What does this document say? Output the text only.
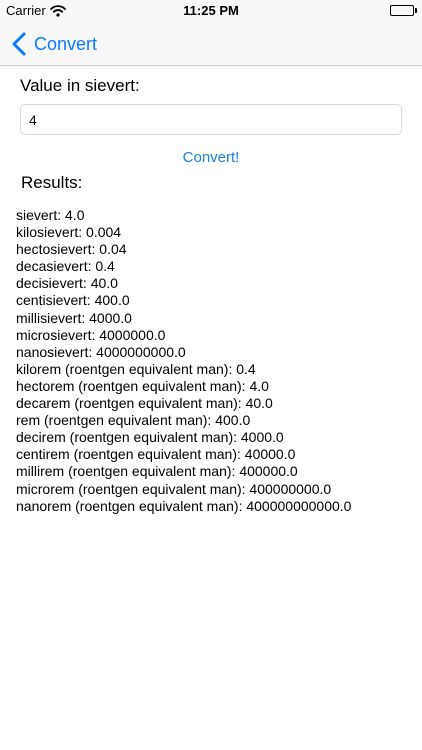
Carrier	11:25 PM
Convert
Value in sievert:
4
Convert!
Results:
sievert: 4.0
kilosievert: 0.004
hectosievert: 0.04
decasievert: 0.4
decisievert: 40.0
centisievert: 400.0
millisievert: 4000.0
microsievert: 4000000.0
nanosievert: 4000000000.0
kilorem (roentgen equivalent man): 0.4
hectorem (roentgen equivalent man): 4.0
decarem (roentgen equivalent man): 40.0
rem (roentgen equivalent man): 400.0
decirem (roentgen equivalent man): 4000.0
centirem (roentgen equivalent man): 40000.0
millirem (roentgen equivalent man): 400000.0
microrem (roentgen equivalent man): 400000000.0
nanorem (roentgen equivalent man): 400000000000.0
